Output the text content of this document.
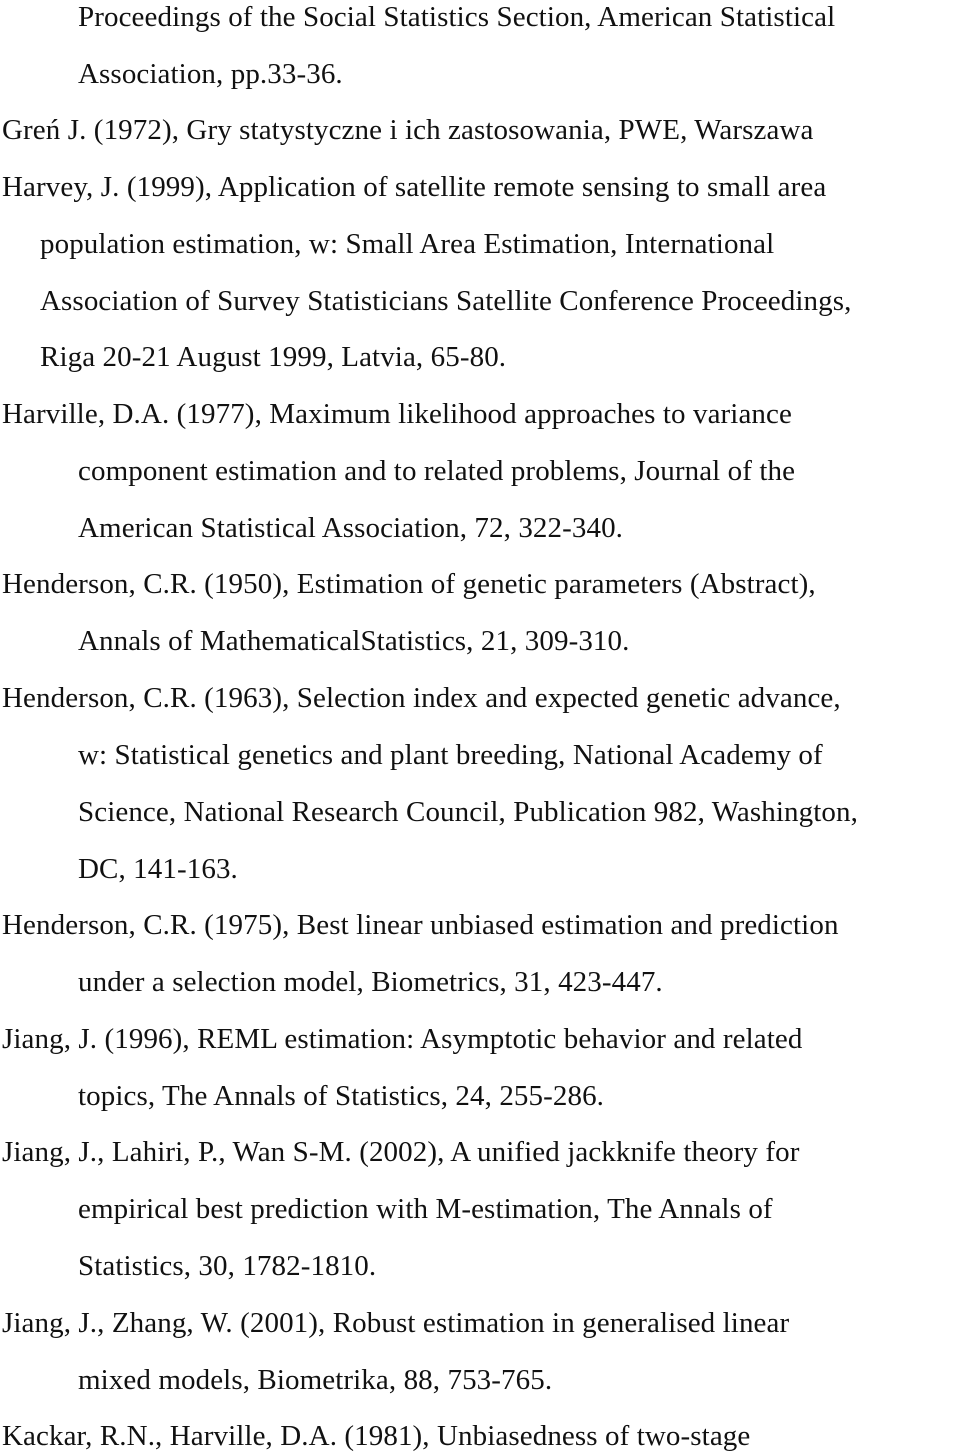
Proceedings of the Social Statistics Section, American Statistical
Association, pp.33-36.
Greń J. (1972), Gry statystyczne i ich zastosowania, PWE, Warszawa
Harvey, J. (1999), Application of satellite remote sensing to small area
population estimation, w: Small Area Estimation, International
Association of Survey Statisticians Satellite Conference Proceedings,
Riga 20-21 August 1999, Latvia, 65-80.
Harville, D.A. (1977), Maximum likelihood approaches to variance
component estimation and to related problems, Journal of the
American Statistical Association, 72, 322-340.
Henderson, C.R. (1950), Estimation of genetic parameters (Abstract),
Annals of MathematicalStatistics, 21, 309-310.
Henderson, C.R. (1963), Selection index and expected genetic advance,
w: Statistical genetics and plant breeding, National Academy of
Science, National Research Council, Publication 982, Washington,
DC, 141-163.
Henderson, C.R. (1975), Best linear unbiased estimation and prediction
under a selection model, Biometrics, 31, 423-447.
Jiang, J. (1996), REML estimation: Asymptotic behavior and related
topics, The Annals of Statistics, 24, 255-286.
Jiang, J., Lahiri, P., Wan S-M. (2002), A unified jackknife theory for
empirical best prediction with M-estimation, The Annals of
Statistics, 30, 1782-1810.
Jiang, J., Zhang, W. (2001), Robust estimation in generalised linear
mixed models, Biometrika, 88, 753-765.
Kackar, R.N., Harville, D.A. (1981), Unbiasedness of two-stage
